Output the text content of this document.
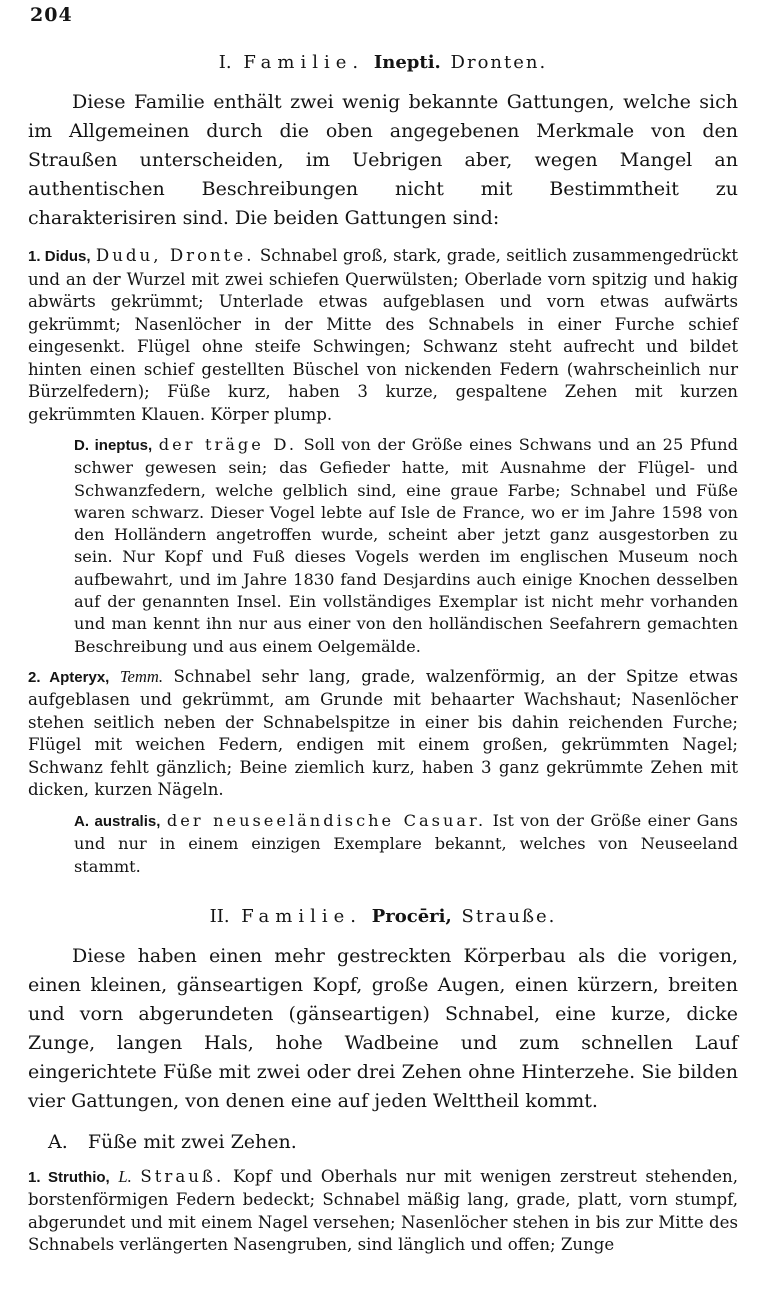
204
I. Familie. Inepti. Dronten.

Diese Familie enthält zwei wenig bekannte Gattungen, welche sich im Allgemeinen durch die oben angegebenen Merkmale von den Straußen unterscheiden, im Uebrigen aber, wegen Mangel an authentischen Beschreibungen nicht mit Bestimmtheit zu charakterisiren sind. Die beiden Gattungen sind:

1. Didus, Dudu, Dronte. Schnabel groß, stark, grade, seitlich zusammengedrückt und an der Wurzel mit zwei schiefen Querwülsten; Oberlade vorn spitzig und hakig abwärts gekrümmt; Unterlade etwas aufgeblasen und vorn etwas aufwärts gekrümmt; Nasenlöcher in der Mitte des Schnabels in einer Furche schief eingesenkt. Flügel ohne steife Schwingen; Schwanz steht aufrecht und bildet hinten einen schief gestellten Büschel von nickenden Federn (wahrscheinlich nur Bürzelfedern); Füße kurz, haben 3 kurze, gespaltene Zehen mit kurzen gekrümmten Klauen. Körper plump.

D. ineptus, der träge D. Soll von der Größe eines Schwans und an 25 Pfund schwer gewesen sein; das Gefieder hatte, mit Ausnahme der Flügel- und Schwanzfedern, welche gelblich sind, eine graue Farbe; Schnabel und Füße waren schwarz. Dieser Vogel lebte auf Isle de France, wo er im Jahre 1598 von den Holländern angetroffen wurde, scheint aber jetzt ganz ausgestorben zu sein. Nur Kopf und Fuß dieses Vogels werden im englischen Museum noch aufbewahrt, und im Jahre 1830 fand Desjardins auch einige Knochen desselben auf der genannten Insel. Ein vollständiges Exemplar ist nicht mehr vorhanden und man kennt ihn nur aus einer von den holländischen Seefahrern gemachten Beschreibung und aus einem Oelgemälde.

2. Apteryx, Temm. Schnabel sehr lang, grade, walzenförmig, an der Spitze etwas aufgeblasen und gekrümmt, am Grunde mit behaarter Wachshaut; Nasenlöcher stehen seitlich neben der Schnabelspitze in einer bis dahin reichenden Furche; Flügel mit weichen Federn, endigen mit einem großen, gekrümmten Nagel; Schwanz fehlt gänzlich; Beine ziemlich kurz, haben 3 ganz gekrümmte Zehen mit dicken, kurzen Nägeln.

A. australis, der neuseeländische Casuar. Ist von der Größe einer Gans und nur in einem einzigen Exemplare bekannt, welches von Neuseeland stammt.

II. Familie. Procēri, Strauße.

Diese haben einen mehr gestreckten Körperbau als die vorigen, einen kleinen, gänseartigen Kopf, große Augen, einen kürzern, breiten und vorn abgerundeten (gänseartigen) Schnabel, eine kurze, dicke Zunge, langen Hals, hohe Wadbeine und zum schnellen Lauf eingerichtete Füße mit zwei oder drei Zehen ohne Hinterzehe. Sie bilden vier Gattungen, von denen eine auf jeden Welttheil kommt.

A. Füße mit zwei Zehen.

1. Struthio, L. Strauß. Kopf und Oberhals nur mit wenigen zerstreut stehenden, borstenförmigen Federn bedeckt; Schnabel mäßig lang, grade, platt, vorn stumpf, abgerundet und mit einem Nagel versehen; Nasenlöcher stehen in bis zur Mitte des Schnabels verlängerten Nasengruben, sind länglich und offen; Zunge
